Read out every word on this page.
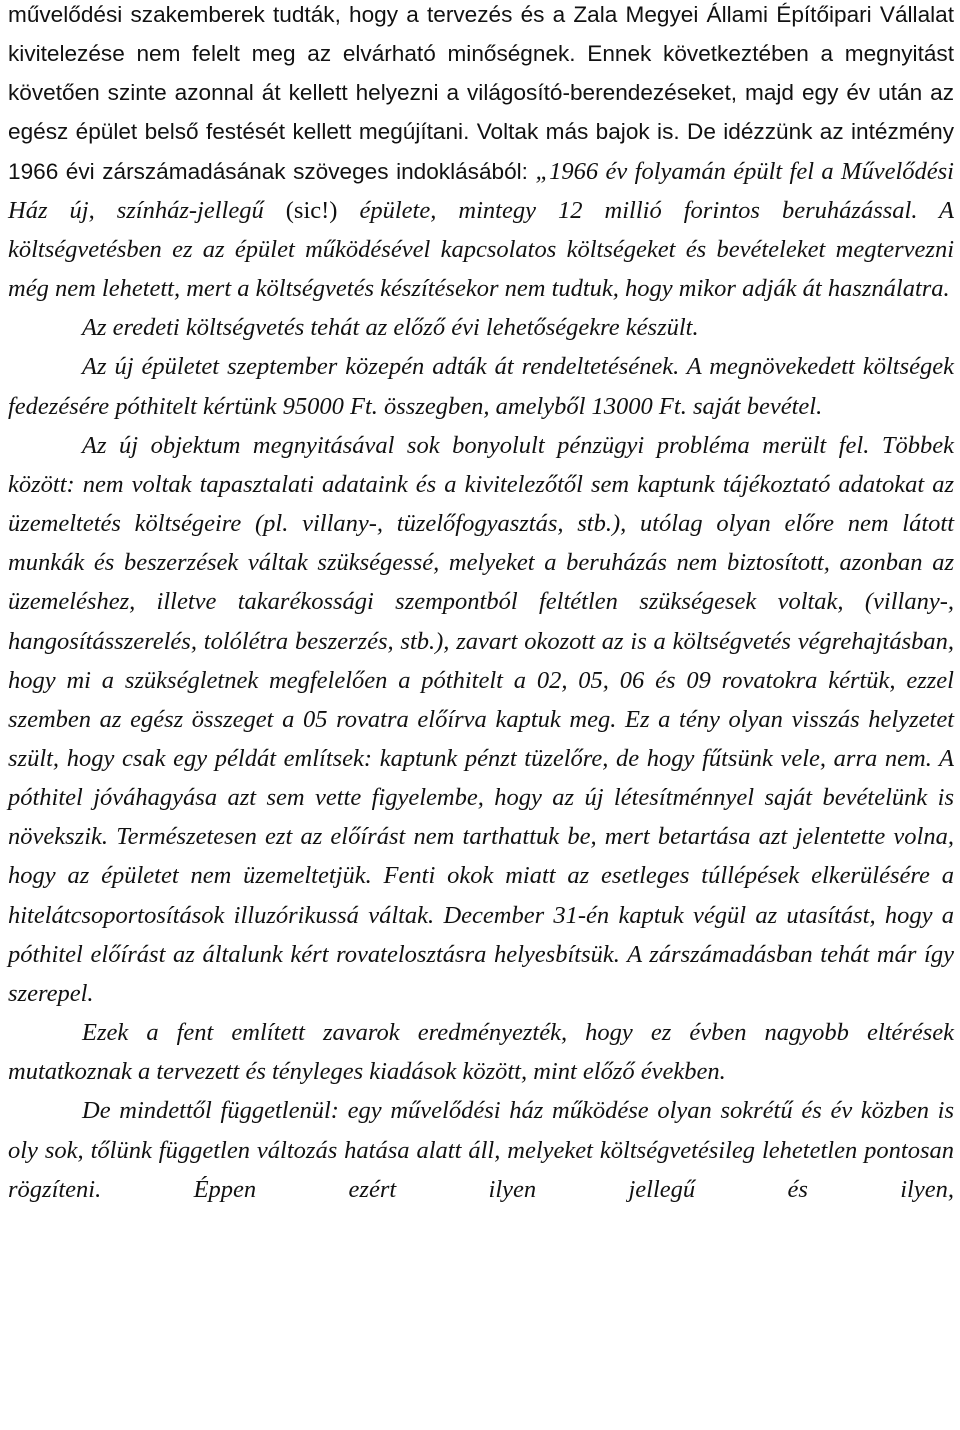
művelődési szakemberek tudták, hogy a tervezés és a Zala Megyei Állami Építőipari Vállalat kivitelezése nem felelt meg az elvárható minőségnek. Ennek következtében a megnyitást követően szinte azonnal át kellett helyezni a világosító-berendezéseket, majd egy év után az egész épület belső festését kellett megújítani. Voltak más bajok is. De idézzünk az intézmény 1966 évi zárszámadásának szöveges indoklásából: „1966 év folyamán épült fel a Művelődési Ház új, színház-jellegű (sic!) épülete, mintegy 12 millió forintos beruházással. A költségvetésben ez az épület működésével kapcsolatos költségeket és bevételeket megtervezni még nem lehetett, mert a költségvetés készítésekor nem tudtuk, hogy mikor adják át használatra.

Az eredeti költségvetés tehát az előző évi lehetőségekre készült.

Az új épületet szeptember közepén adták át rendeltetésének. A megnövekedett költségek fedezésére póthitelt kértünk 95000 Ft. összegben, amelyből 13000 Ft. saját bevétel.

Az új objektum megnyitásával sok bonyolult pénzügyi probléma merült fel. Többek között: nem voltak tapasztalati adataink és a kivitelezőtől sem kaptunk tájékoztató adatokat az üzemeltetés költségeire (pl. villany-, tüzelőfogyasztás, stb.), utólag olyan előre nem látott munkák és beszerzések váltak szükségessé, melyeket a beruházás nem biztosított, azonban az üzemeléshez, illetve takarékossági szempontból feltétlen szükségesek voltak, (villany-, hangosításszerelés, tolólétra beszerzés, stb.), zavart okozott az is a költségvetés végrehajtásban, hogy mi a szükségletnek megfelelően a póthitelt a 02, 05, 06 és 09 rovatokra kértük, ezzel szemben az egész összeget a 05 rovatra előírva kaptuk meg. Ez a tény olyan visszás helyzetet szült, hogy csak egy példát említsek: kaptunk pénzt tüzelőre, de hogy fűtsünk vele, arra nem. A póthitel jóváhagyása azt sem vette figyelembe, hogy az új létesítménnyel saját bevételünk is növekszik. Természetesen ezt az előírást nem tarthattuk be, mert betartása azt jelentette volna, hogy az épületet nem üzemeltetjük. Fenti okok miatt az esetleges túllépések elkerülésére a hitelátcsoportosítások illuzórikussá váltak. December 31-én kaptuk végül az utasítást, hogy a póthitel előírást az általunk kért rovatelosztásra helyesbítsük. A zárszámadásban tehát már így szerepel.

Ezek a fent említett zavarok eredményezték, hogy ez évben nagyobb eltérések mutatkoznak a tervezett és tényleges kiadások között, mint előző években.

De mindettől függetlenül: egy művelődési ház működése olyan sokrétű és év közben is oly sok, tőlünk független változás hatása alatt áll, melyeket költségvetésileg lehetetlen pontosan rögzíteni. Éppen ezért ilyen jellegű és ilyen,
